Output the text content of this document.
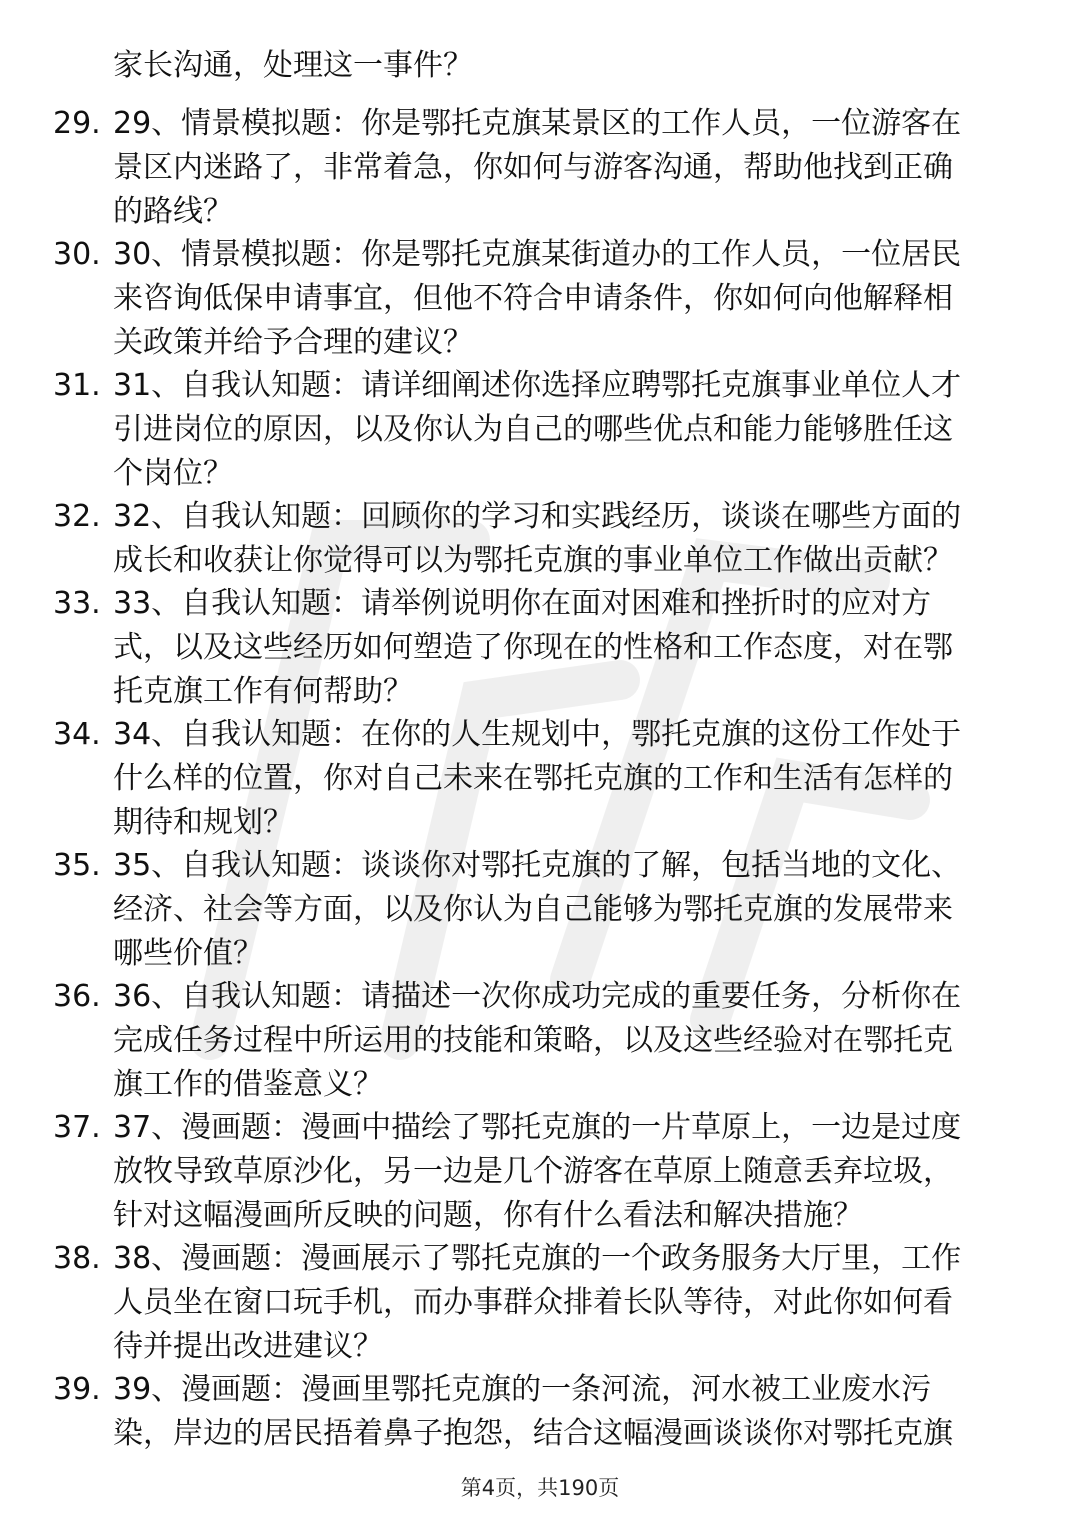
家长沟通，处理这一事件？
29. 29、情景模拟题：你是鄂托克旗某景区的工作人员，一位游客在
景区内迷路了，非常着急，你如何与游客沟通，帮助他找到正确
的路线？
30. 30、情景模拟题：你是鄂托克旗某街道办的工作人员，一位居民
来咨询低保申请事宜，但他不符合申请条件，你如何向他解释相
关政策并给予合理的建议？
31. 31、自我认知题：请详细阐述你选择应聘鄂托克旗事业单位人才
引进岗位的原因，以及你认为自己的哪些优点和能力能够胜任这
个岗位？
32. 32、自我认知题：回顾你的学习和实践经历，谈谈在哪些方面的
成长和收获让你觉得可以为鄂托克旗的事业单位工作做出贡献？
33. 33、自我认知题：请举例说明你在面对困难和挫折时的应对方
式，以及这些经历如何塑造了你现在的性格和工作态度，对在鄂
托克旗工作有何帮助？
34. 34、自我认知题：在你的人生规划中，鄂托克旗的这份工作处于
什么样的位置，你对自己未来在鄂托克旗的工作和生活有怎样的
期待和规划？
35. 35、自我认知题：谈谈你对鄂托克旗的了解，包括当地的文化、
经济、社会等方面，以及你认为自己能够为鄂托克旗的发展带来
哪些价值？
36. 36、自我认知题：请描述一次你成功完成的重要任务，分析你在
完成任务过程中所运用的技能和策略，以及这些经验对在鄂托克
旗工作的借鉴意义？
37. 37、漫画题：漫画中描绘了鄂托克旗的一片草原上，一边是过度
放牧导致草原沙化，另一边是几个游客在草原上随意丢弃垃圾，
针对这幅漫画所反映的问题，你有什么看法和解决措施？
38. 38、漫画题：漫画展示了鄂托克旗的一个政务服务大厅里，工作
人员坐在窗口玩手机，而办事群众排着长队等待，对此你如何看
待并提出改进建议？
39. 39、漫画题：漫画里鄂托克旗的一条河流，河水被工业废水污
染，岸边的居民捂着鼻子抱怨，结合这幅漫画谈谈你对鄂托克旗
第4页，共190页
